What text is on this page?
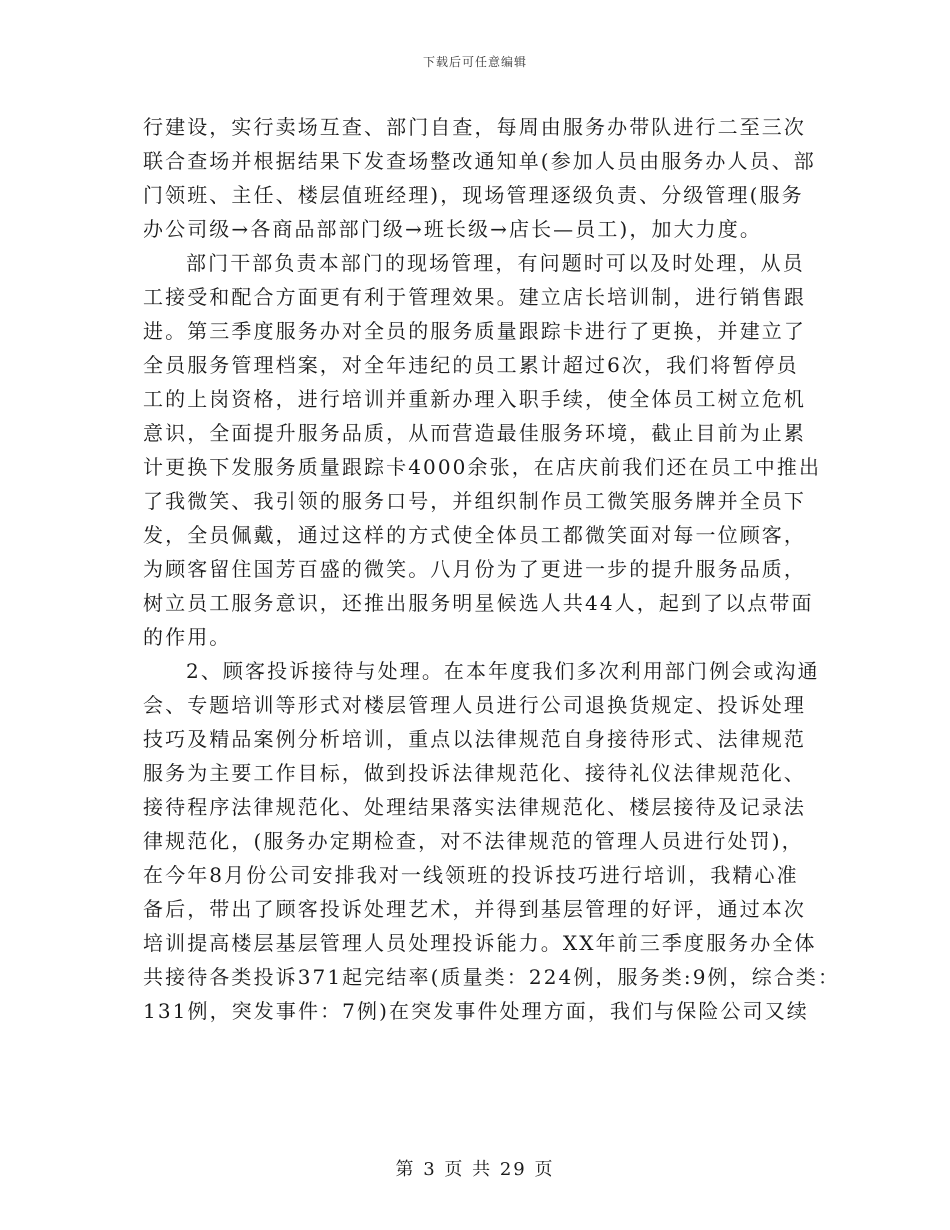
下载后可任意编辑
行建设，实行卖场互查、部门自查，每周由服务办带队进行二至三次
联合查场并根据结果下发查场整改通知单(参加人员由服务办人员、部
门领班、主任、楼层值班经理)，现场管理逐级负责、分级管理(服务
办公司级→各商品部部门级→班长级→店长—员工)，加大力度。
部门干部负责本部门的现场管理，有问题时可以及时处理，从员
工接受和配合方面更有利于管理效果。建立店长培训制，进行销售跟
进。第三季度服务办对全员的服务质量跟踪卡进行了更换，并建立了
全员服务管理档案，对全年违纪的员工累计超过6次，我们将暂停员
工的上岗资格，进行培训并重新办理入职手续，使全体员工树立危机
意识，全面提升服务品质，从而营造最佳服务环境，截止目前为止累
计更换下发服务质量跟踪卡4000余张，在店庆前我们还在员工中推出
了我微笑、我引领的服务口号，并组织制作员工微笑服务牌并全员下
发，全员佩戴，通过这样的方式使全体员工都微笑面对每一位顾客，
为顾客留住国芳百盛的微笑。八月份为了更进一步的提升服务品质，
树立员工服务意识，还推出服务明星候选人共44人，起到了以点带面
的作用。
2、顾客投诉接待与处理。在本年度我们多次利用部门例会或沟通
会、专题培训等形式对楼层管理人员进行公司退换货规定、投诉处理
技巧及精品案例分析培训，重点以法律规范自身接待形式、法律规范
服务为主要工作目标，做到投诉法律规范化、接待礼仪法律规范化、
接待程序法律规范化、处理结果落实法律规范化、楼层接待及记录法
律规范化，(服务办定期检查，对不法律规范的管理人员进行处罚)，
在今年8月份公司安排我对一线领班的投诉技巧进行培训，我精心准
备后，带出了顾客投诉处理艺术，并得到基层管理的好评，通过本次
培训提高楼层基层管理人员处理投诉能力。XX年前三季度服务办全体
共接待各类投诉371起完结率(质量类：224例，服务类:9例，综合类：
131例，突发事件：7例)在突发事件处理方面，我们与保险公司又续
第 3 页 共 29 页
